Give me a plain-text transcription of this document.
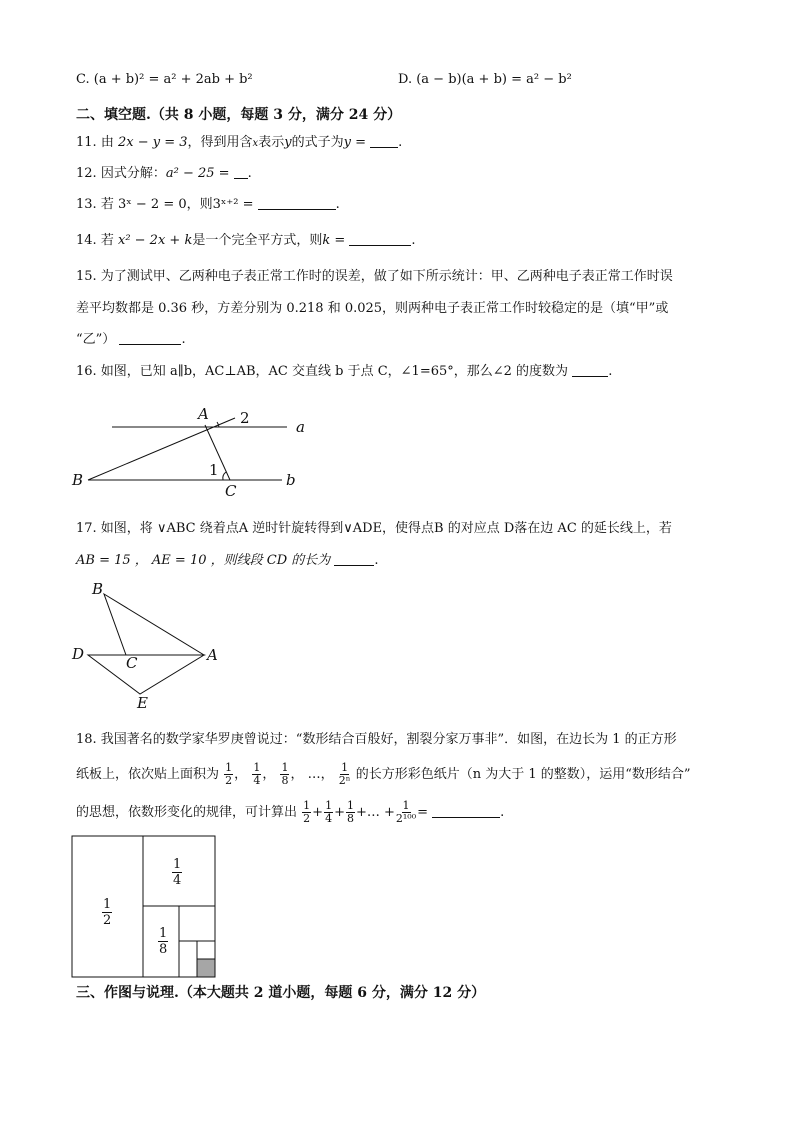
C. (a + b)² = a² + 2ab + b²	D. (a − b)(a + b) = a² − b²
二、填空题.（共 8 小题，每题 3 分，满分 24 分）
11. 由 2x − y = 3，得到用含x表示y的式子为y = .
12. 因式分解：a² − 25 = .
13. 若 3ˣ − 2 = 0，则3ˣ⁺² =	.
14. 若 x² − 2x + k是一个完全平方式，则k =	.
15. 为了测试甲、乙两种电子表正常工作时的误差，做了如下所示统计：甲、乙两种电子表正常工作时误
差平均数都是 0.36 秒，方差分别为 0.218 和 0.025，则两种电子表正常工作时较稳定的是（填“甲”或
“乙”）	.
16. 如图，已知 a∥b，AC⊥AB，AC 交直线 b 于点 C，∠1=65°，那么∠2 的度数为	.
A 2	a
B
1
C
b
17. 如图，将 ∨ABC 绕着点A 逆时针旋转得到∨ADE，使得点B 的对应点 D落在边 AC 的延长线上，若
AB = 15 ， AE = 10 ，则线段 CD 的长为	.
B
D	C	A
E
18. 我国著名的数学家华罗庚曾说过：“数形结合百般好，割裂分家万事非”．如图，在边长为 1 的正方形
纸板上，依次贴上面积为 $\frac{1}{2}$ ， $\frac{1}{4}$ ， $\frac{1}{8}$ ， …， $\frac{1}{\text{2ⁿ}}$ 的长方形彩色纸片（n 为大于 1 的整数），运用“数形结合”
的思想，依数形变化的规律，可计算出 $\frac{1}{2} + \frac{1}{4} + \frac{1}{8}$ +… + $\frac{1}{\text{2¹⁰⁰}}$ =	.
$\frac{1}{2}$
$\frac{1}{4}$
$\frac{1}{8}$
三、作图与说理.（本大题共 2 道小题，每题 6 分，满分 12 分）
